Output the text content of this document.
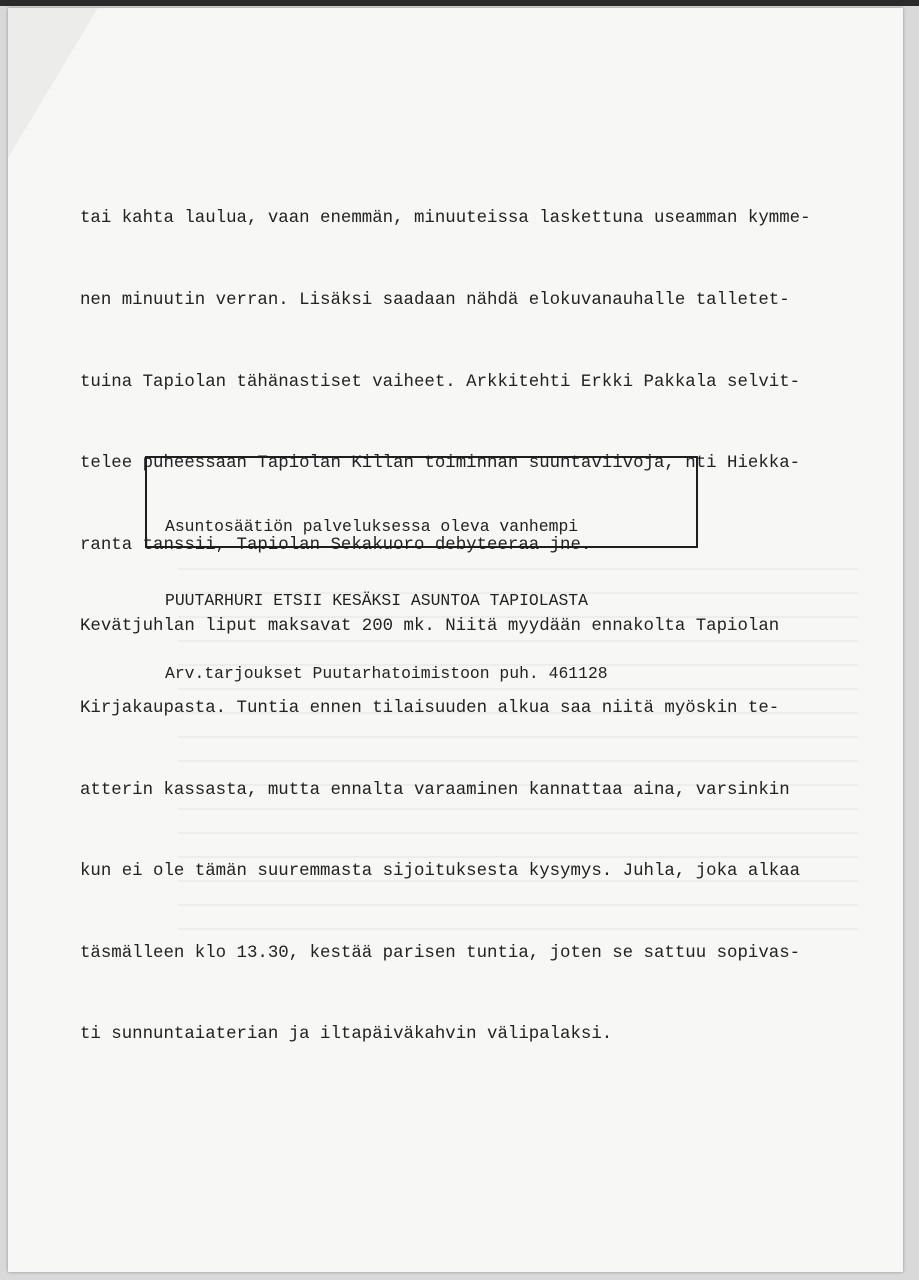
tai kahta laulua, vaan enemmän, minuuteissa laskettuna useamman kymme-

nen minuutin verran. Lisäksi saadaan nähdä elokuvanauhalle talletet-

tuina Tapiolan tähänastiset vaiheet. Arkkitehti Erkki Pakkala selvit-

telee puheessaan Tapiolan Killan toiminnan suuntaviivoja, nti Hiekka-

ranta tanssii, Tapiolan Sekakuoro debyteeraa jne.

Kevätjuhlan liput maksavat 200 mk. Niitä myydään ennakolta Tapiolan

Kirjakaupasta. Tuntia ennen tilaisuuden alkua saa niitä myöskin te-

atterin kassasta, mutta ennalta varaaminen kannattaa aina, varsinkin

kun ei ole tämän suuremmasta sijoituksesta kysymys. Juhla, joka alkaa

täsmälleen klo 13.30, kestää parisen tuntia, joten se sattuu sopivas-

ti sunnuntaiaterian ja iltapäiväkahvin välipalaksi.

Asuntosäätiön palveluksessa oleva vanhempi

PUUTARHURI ETSII KESÄKSI ASUNTOA TAPIOLASTA

Arv.tarjoukset Puutarhatoimistoon puh. 461128
